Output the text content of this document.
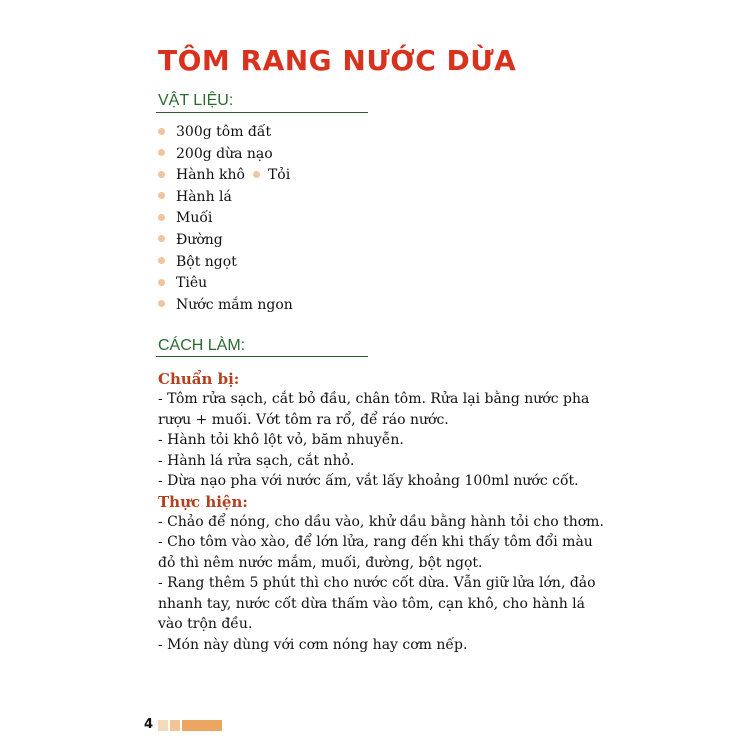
TÔM RANG NƯỚC DỪA
VẬT LIỆU:
300g tôm đất
200g dừa nạo
Hành khô Tỏi
Hành lá
Muối
Đường
Bột ngọt
Tiêu
Nước mắm ngon
CÁCH LÀM:
Chuẩn bị:
- Tôm rửa sạch, cắt bỏ đầu, chân tôm. Rửa lại bằng nước pha
rượu + muối. Vớt tôm ra rổ, để ráo nước.
- Hành tỏi khô lột vỏ, băm nhuyễn.
- Hành lá rửa sạch, cắt nhỏ.
- Dừa nạo pha với nước ấm, vắt lấy khoảng 100ml nước cốt.
Thực hiện:
- Chảo để nóng, cho dầu vào, khử dầu bằng hành tỏi cho thơm.
- Cho tôm vào xào, để lớn lửa, rang đến khi thấy tôm đổi màu
đỏ thì nêm nước mắm, muối, đường, bột ngọt.
- Rang thêm 5 phút thì cho nước cốt dừa. Vẫn giữ lửa lớn, đảo
nhanh tay, nước cốt dừa thấm vào tôm, cạn khô, cho hành lá
vào trộn đều.
- Món này dùng với cơm nóng hay cơm nếp.
4
